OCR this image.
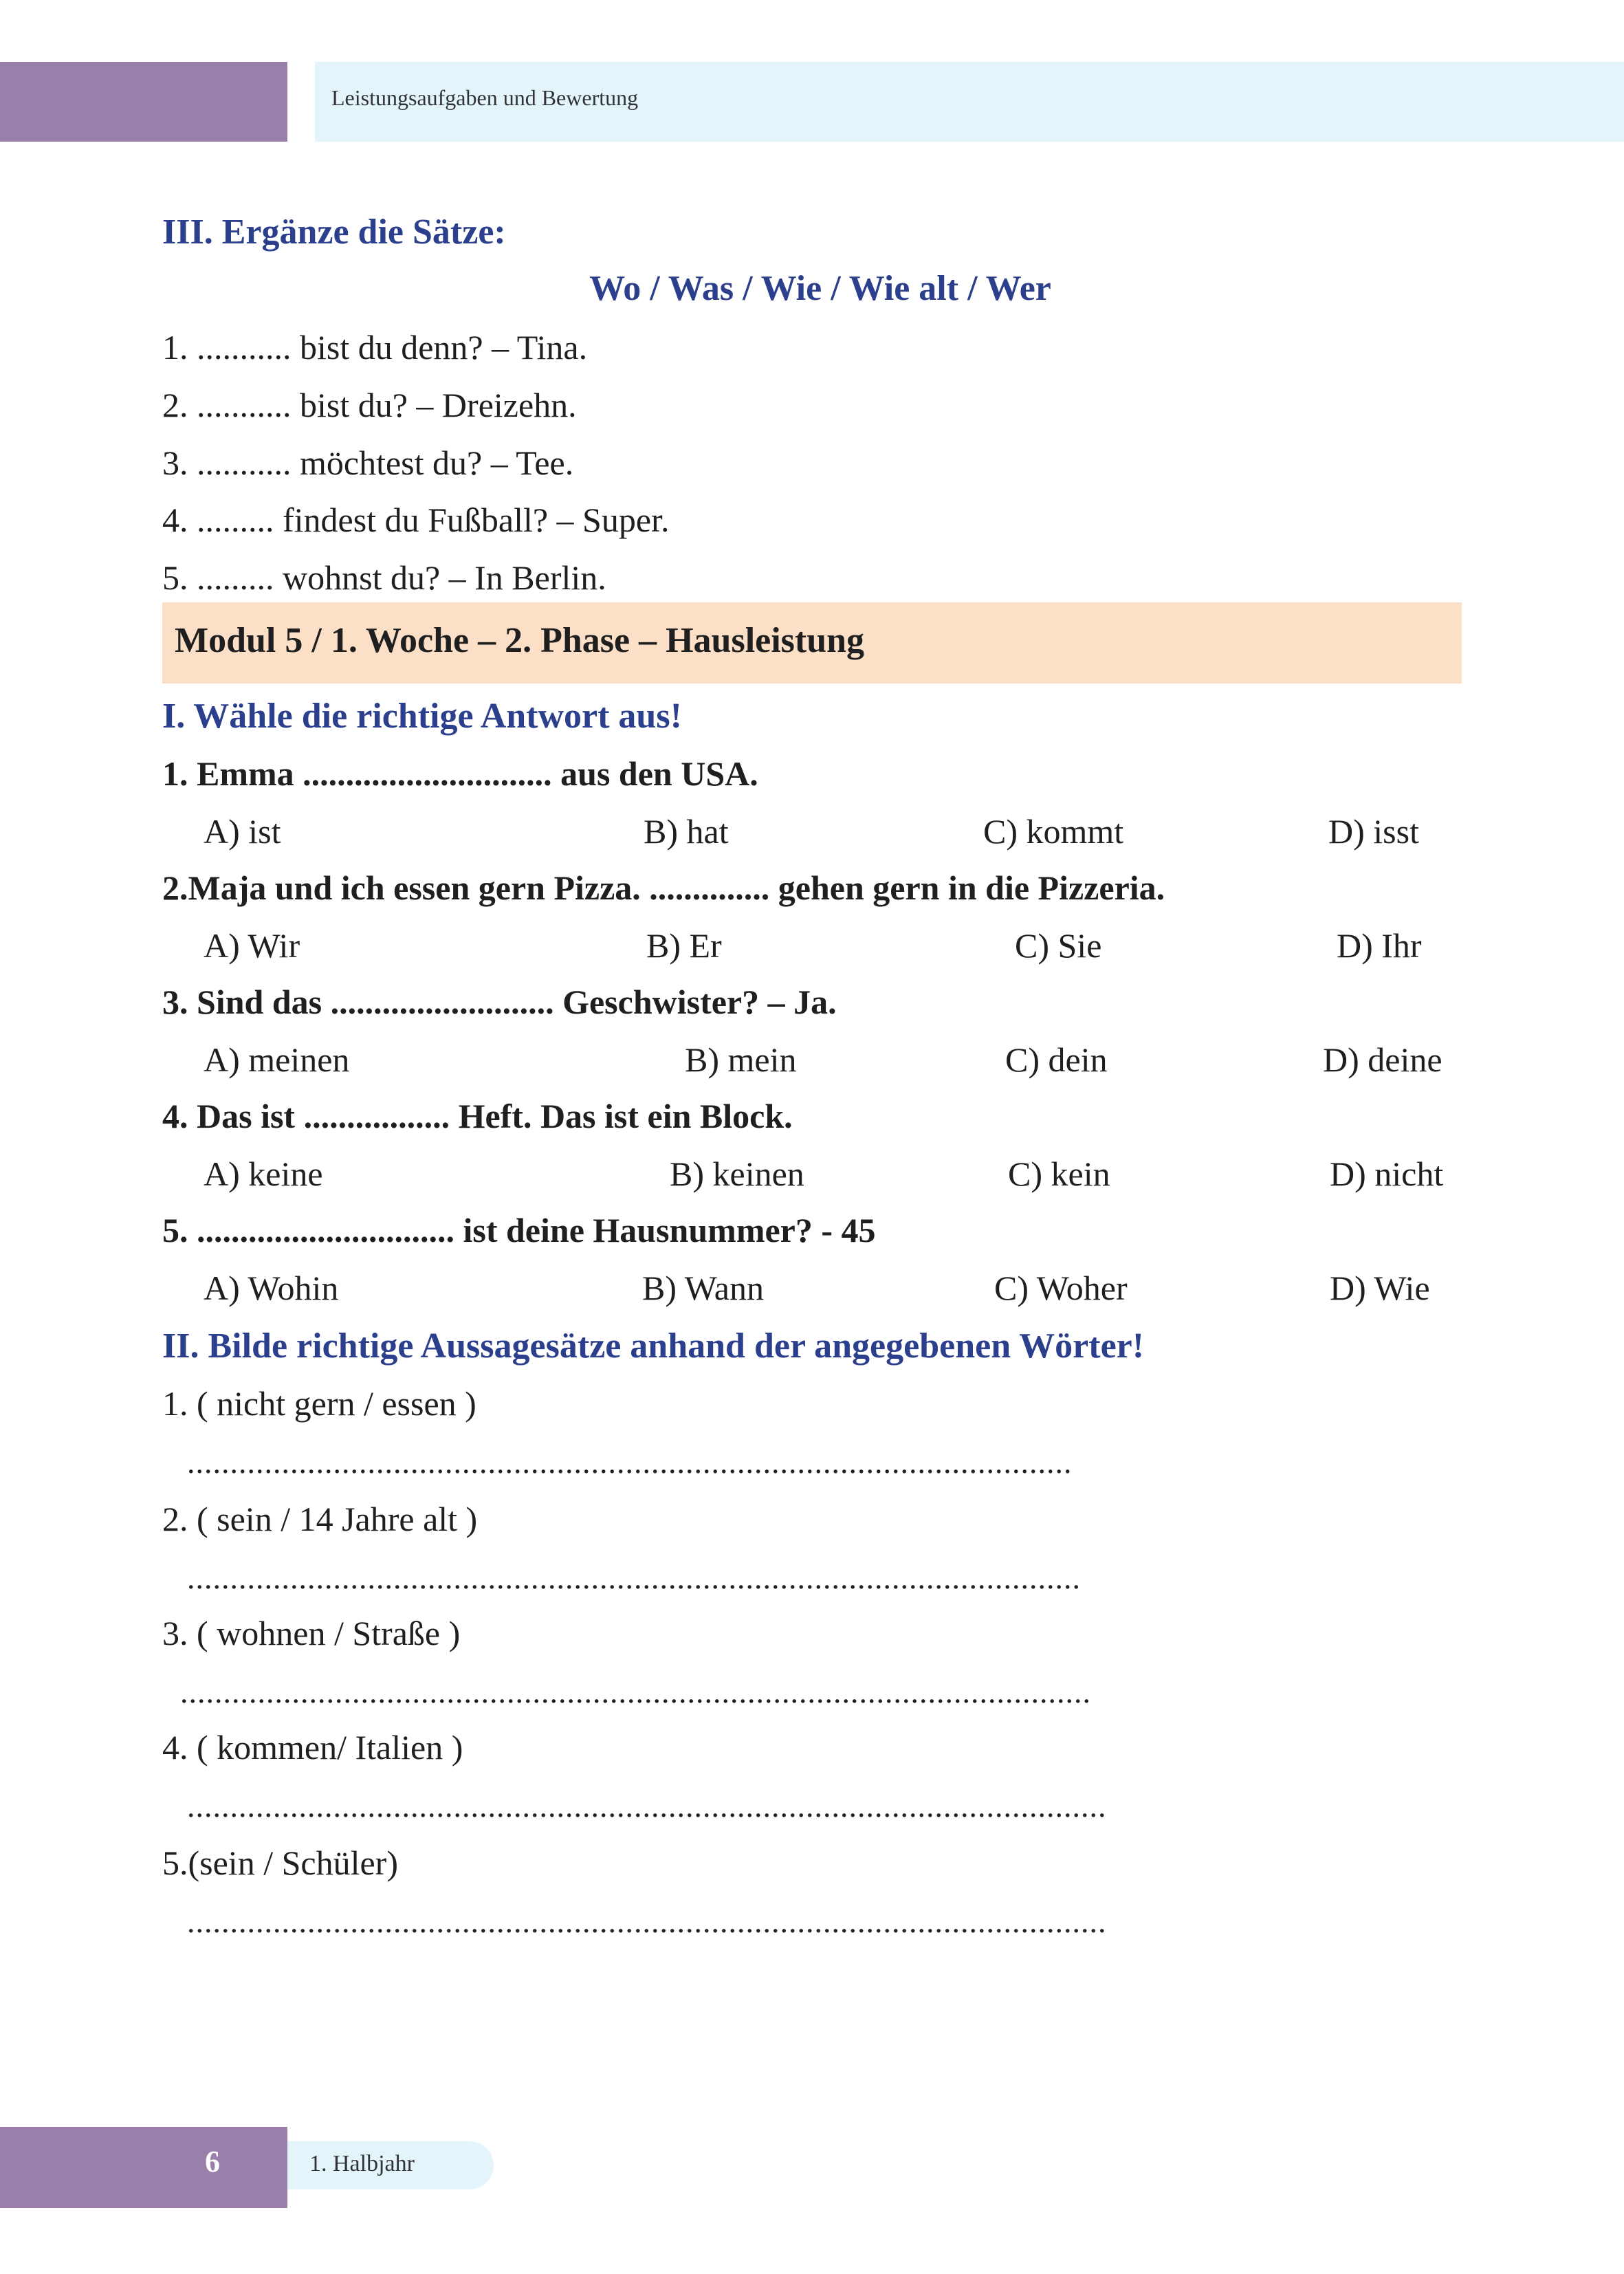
Leistungsaufgaben und Bewertung
III. Ergänze die Sätze:
Wo / Was / Wie / Wie alt / Wer
1. ........... bist du denn? – Tina.
2. ........... bist du? – Dreizehn.
3. ........... möchtest du? – Tee.
4. ......... findest du Fußball? – Super.
5. ......... wohnst du? – In Berlin.
Modul 5 / 1. Woche – 2. Phase – Hausleistung
I. Wähle die richtige Antwort aus!
1. Emma ............................. aus den USA.
A) ist	B) hat	C) kommt	D) isst
2.Maja und ich essen gern Pizza. .............. gehen gern in die Pizzeria.
A) Wir	B) Er	C) Sie	D) Ihr
3. Sind das .......................... Geschwister? – Ja.
A) meinen	B) mein	C) dein	D) deine
4. Das ist ................. Heft. Das ist ein Block.
A) keine	B) keinen	C) kein	D) nicht
5. .............................. ist deine Hausnummer? - 45
A) Wohin	B) Wann	C) Woher	D) Wie
II. Bilde richtige Aussagesätze anhand der angegebenen Wörter!
1. ( nicht gern / essen )
.......................................................................................................
2. ( sein / 14 Jahre alt )
........................................................................................................
3. ( wohnen / Straße )
..........................................................................................................
4. ( kommen/ Italien )
...........................................................................................................
5.(sein / Schüler)
...........................................................................................................
6	1. Halbjahr
